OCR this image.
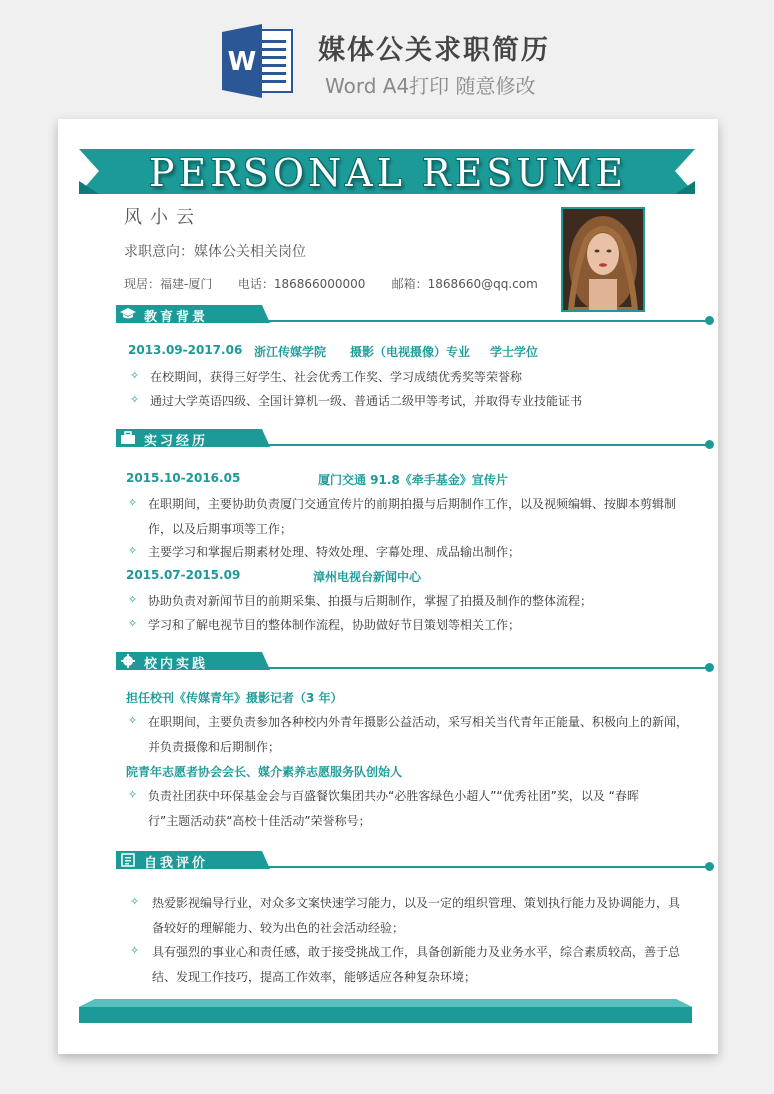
W 媒体公关求职简历
Word A4打印 随意修改
PERSONAL RESUME
风小云
求职意向：媒体公关相关岗位
现居：福建-厦门 电话：186866000000 邮箱：1868660@qq.com
教育背景
2013.09-2017.06 浙江传媒学院 摄影（电视摄像）专业 学士学位
✧ 在校期间，获得三好学生、社会优秀工作奖、学习成绩优秀奖等荣誉称
✧ 通过大学英语四级、全国计算机一级、普通话二级甲等考试，并取得专业技能证书
实习经历
2015.10-2016.05	厦门交通 91.8《牵手基金》宣传片
✧ 在职期间，主要协助负责厦门交通宣传片的前期拍摄与后期制作工作，以及视频编辑、按脚本剪辑制
作，以及后期事项等工作；
✧ 主要学习和掌握后期素材处理、特效处理、字幕处理、成品输出制作；
2015.07-2015.09	漳州电视台新闻中心
✧ 协助负责对新闻节目的前期采集、拍摄与后期制作，掌握了拍摄及制作的整体流程；
✧ 学习和了解电视节目的整体制作流程，协助做好节目策划等相关工作；
校内实践
担任校刊《传媒青年》摄影记者（3 年）
✧ 在职期间，主要负责参加各种校内外青年摄影公益活动，采写相关当代青年正能量、积极向上的新闻，
并负责摄像和后期制作；
院青年志愿者协会会长、媒介素养志愿服务队创始人
✧ 负责社团获中环保基金会与百盛餐饮集团共办“必胜客绿色小超人”“优秀社团”奖，以及 “春晖
行”主题活动获“高校十佳活动”荣誉称号；
自我评价
✧ 热爱影视编导行业，对众多文案快速学习能力，以及一定的组织管理、策划执行能力及协调能力，具
备较好的理解能力、较为出色的社会活动经验；
✧ 具有强烈的事业心和责任感，敢于接受挑战工作，具备创新能力及业务水平，综合素质较高，善于总
结、发现工作技巧，提高工作效率，能够适应各种复杂环境；
